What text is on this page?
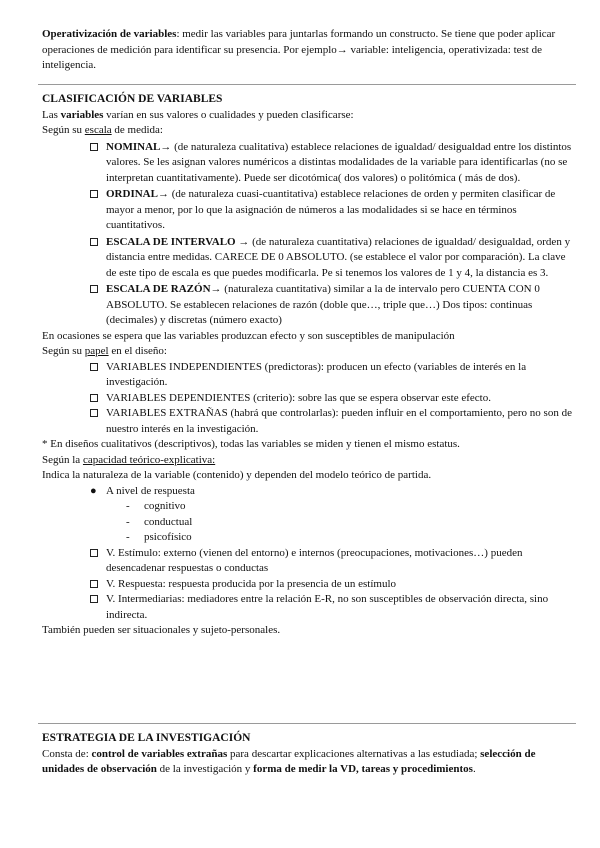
Operativización de variables: medir las variables para juntarlas formando un constructo. Se tiene que poder aplicar operaciones de medición para identificar su presencia. Por ejemplo→ variable: inteligencia, operativizada: test de inteligencia.

CLASIFICACIÓN DE VARIABLES

Las variables varían en sus valores o cualidades y pueden clasificarse:

Según su escala de medida:

NOMINAL→ (de naturaleza cualitativa) establece relaciones de igualdad/ desigualdad entre los distintos valores. Se les asignan valores numéricos a distintas modalidades de la variable para identificarlas (no se interpretan cuantitativamente). Puede ser dicotómica( dos valores) o politómica ( más de dos).

ORDINAL→ (de naturaleza cuasi-cuantitativa) establece relaciones de orden y permiten clasificar de mayor a menor, por lo que la asignación de números a las modalidades si se hace en términos cuantitativos.

ESCALA DE INTERVALO → (de naturaleza cuantitativa) relaciones de igualdad/ desigualdad, orden y distancia entre medidas. CARECE DE 0 ABSOLUTO. (se establece el valor por comparación). La clave de este tipo de escala es que puedes modificarla. Pe si tenemos los valores de 1 y 4, la distancia es 3.

ESCALA DE RAZÓN→ (naturaleza cuantitativa) similar a la de intervalo pero CUENTA CON 0 ABSOLUTO. Se establecen relaciones de razón (doble que…, triple que…) Dos tipos: continuas (decimales) y discretas (número exacto)

En ocasiones se espera que las variables produzcan efecto y son susceptibles de manipulación

Según su papel en el diseño:

VARIABLES INDEPENDIENTES (predictoras): producen un efecto (variables de interés en la investigación.

VARIABLES DEPENDIENTES (criterio): sobre las que se espera observar este efecto.

VARIABLES EXTRAÑAS (habrá que controlarlas): pueden influir en el comportamiento, pero no son de nuestro interés en la investigación.

* En diseños cualitativos (descriptivos), todas las variables se miden y tienen el mismo estatus.

Según la capacidad teórico-explicativa:

Indica la naturaleza de la variable (contenido) y dependen del modelo teórico de partida.

● A nivel de respuesta

- cognitivo

- conductual

- psicofísico

V. Estímulo: externo (vienen del entorno) e internos (preocupaciones, motivaciones…) pueden desencadenar respuestas o conductas

V. Respuesta: respuesta producida por la presencia de un estímulo

V. Intermediarias: mediadores entre la relación E-R, no son susceptibles de observación directa, sino indirecta.

También pueden ser situacionales y sujeto-personales.

ESTRATEGIA DE LA INVESTIGACIÓN

Consta de: control de variables extrañas para descartar explicaciones alternativas a las estudiada; selección de unidades de observación de la investigación y forma de medir la VD, tareas y procedimientos.
